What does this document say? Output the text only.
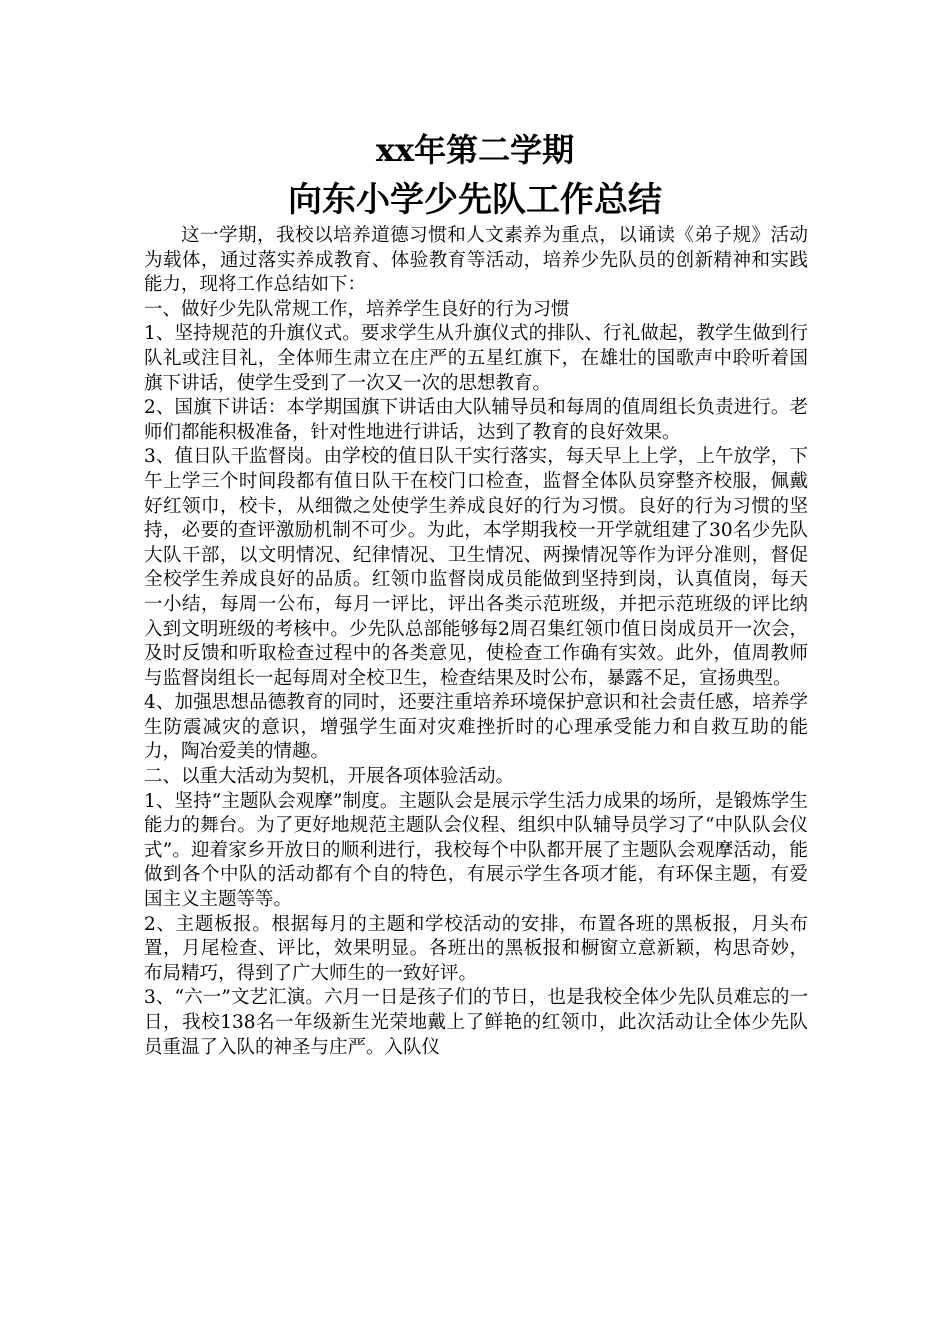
xx年第二学期
向东小学少先队工作总结

这一学期，我校以培养道德习惯和人文素养为重点，以诵读《弟子规》活动为载体，通过落实养成教育、体验教育等活动，培养少先队员的创新精神和实践能力，现将工作总结如下：

一、做好少先队常规工作，培养学生良好的行为习惯

1、坚持规范的升旗仪式。要求学生从升旗仪式的排队、行礼做起，教学生做到行队礼或注目礼，全体师生肃立在庄严的五星红旗下，在雄壮的国歌声中聆听着国旗下讲话，使学生受到了一次又一次的思想教育。

2、国旗下讲话：本学期国旗下讲话由大队辅导员和每周的值周组长负责进行。老师们都能积极准备，针对性地进行讲话，达到了教育的良好效果。

3、值日队干监督岗。由学校的值日队干实行落实，每天早上上学，上午放学，下午上学三个时间段都有值日队干在校门口检查，监督全体队员穿整齐校服，佩戴好红领巾，校卡，从细微之处使学生养成良好的行为习惯。良好的行为习惯的坚持，必要的查评激励机制不可少。为此，本学期我校一开学就组建了30名少先队大队干部，以文明情况、纪律情况、卫生情况、两操情况等作为评分准则，督促全校学生养成良好的品质。红领巾监督岗成员能做到坚持到岗，认真值岗，每天一小结，每周一公布，每月一评比，评出各类示范班级，并把示范班级的评比纳入到文明班级的考核中。少先队总部能够每2周召集红领巾值日岗成员开一次会，及时反馈和听取检查过程中的各类意见，使检查工作确有实效。此外，值周教师与监督岗组长一起每周对全校卫生，检查结果及时公布，暴露不足，宣扬典型。

4、加强思想品德教育的同时，还要注重培养环境保护意识和社会责任感，培养学生防震减灾的意识，增强学生面对灾难挫折时的心理承受能力和自救互助的能力，陶冶爱美的情趣。

二、以重大活动为契机，开展各项体验活动。

1、坚持“主题队会观摩”制度。主题队会是展示学生活力成果的场所，是锻炼学生能力的舞台。为了更好地规范主题队会仪程、组织中队辅导员学习了“中队队会仪式”。迎着家乡开放日的顺利进行，我校每个中队都开展了主题队会观摩活动，能做到各个中队的活动都有个自的特色，有展示学生各项才能，有环保主题，有爱国主义主题等等。

2、主题板报。根据每月的主题和学校活动的安排，布置各班的黑板报，月头布置，月尾检查、评比，效果明显。各班出的黑板报和橱窗立意新颖，构思奇妙，布局精巧，得到了广大师生的一致好评。

3、“六一”文艺汇演。六月一日是孩子们的节日，也是我校全体少先队员难忘的一日，我校138名一年级新生光荣地戴上了鲜艳的红领巾，此次活动让全体少先队员重温了入队的神圣与庄严。入队仪
